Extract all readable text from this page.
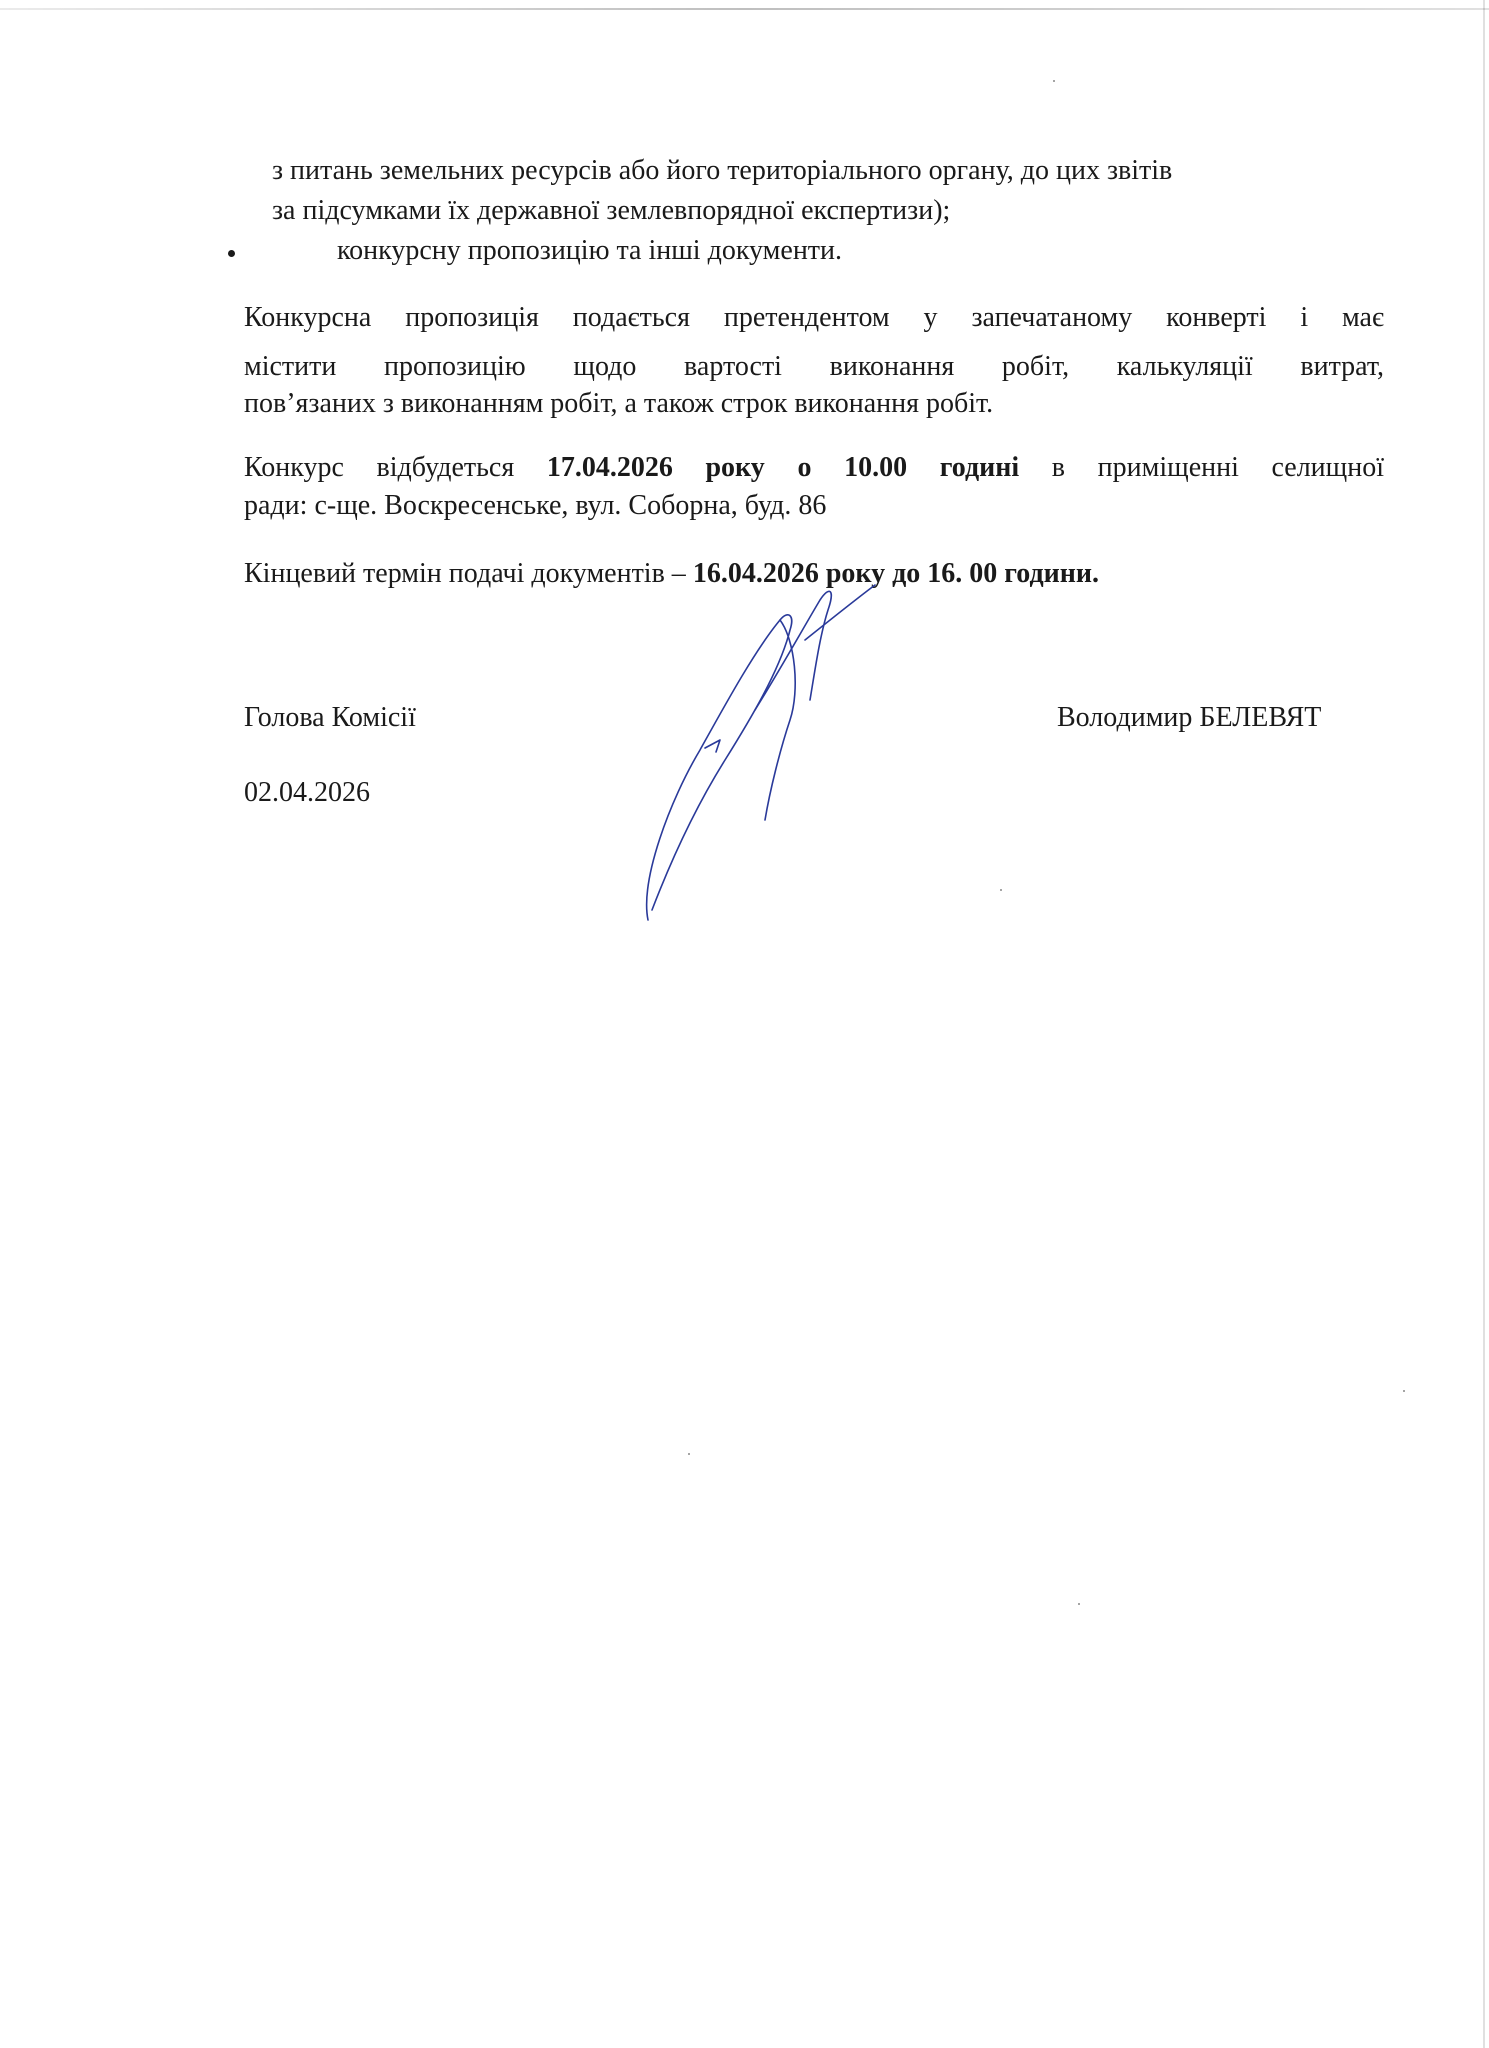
з питань земельних ресурсів або його територіального органу, до цих звітів
за підсумками їх державної землевпорядної експертизи);
конкурсну пропозицію та інші документи.
Конкурсна пропозиція подається претендентом у запечатаному конверті і має
містити пропозицію щодо вартості виконання робіт, калькуляції витрат,
пов’язаних з виконанням робіт, а також строк виконання робіт.
Конкурс відбудеться 17.04.2026 року о 10.00 годині в приміщенні селищної
ради: с-ще. Воскресенське, вул. Соборна, буд. 86
Кінцевий термін подачі документів – 16.04.2026 року до 16. 00 години.
Голова Комісії	Володимир БЕЛЕВЯТ
02.04.2026
